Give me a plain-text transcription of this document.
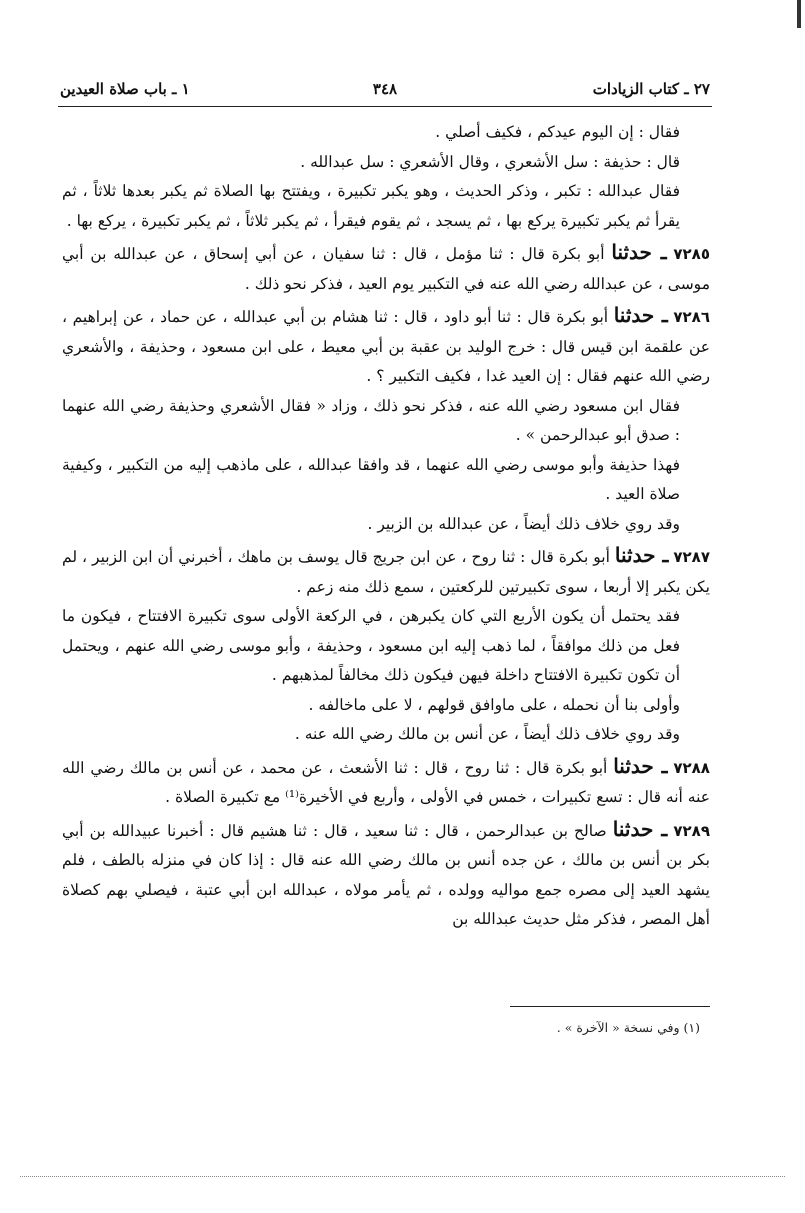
٢٧ ـ كتاب الزيادات
٣٤٨
١ ـ باب صلاة العيدين

فقال : إن اليوم عيدكم ، فكيف أصلي .

قال : حذيفة : سل الأشعري ، وقال الأشعري : سل عبدالله .

فقال عبدالله : تكبر ، وذكر الحديث ، وهو يكبر تكبيرة ، ويفتتح بها الصلاة ثم يكبر بعدها ثلاثاً ، ثم يقرأ ثم يكبر تكبيرة يركع بها ، ثم يسجد ، ثم يقوم فيقرأ ، ثم يكبر ثلاثاً ، ثم يكبر تكبيرة ، يركع بها .

٧٢٨٥ ـ حدثنا أبو بكرة قال : ثنا مؤمل ، قال : ثنا سفيان ، عن أبي إسحاق ، عن عبدالله بن أبي موسى ، عن عبدالله رضي الله عنه في التكبير يوم العيد ، فذكر نحو ذلك .

٧٢٨٦ ـ حدثنا أبو بكرة قال : ثنا أبو داود ، قال : ثنا هشام بن أبي عبدالله ، عن حماد ، عن إبراهيم ، عن علقمة ابن قيس قال : خرج الوليد بن عقبة بن أبي معيط ، على ابن مسعود ، وحذيفة ، والأشعري رضي الله عنهم فقال : إن العيد غدا ، فكيف التكبير ؟ .

فقال ابن مسعود رضي الله عنه ، فذكر نحو ذلك ، وزاد « فقال الأشعري وحذيفة رضي الله عنهما : صدق أبو عبدالرحمن » .

فهذا حذيفة وأبو موسى رضي الله عنهما ، قد وافقا عبدالله ، على ماذهب إليه من التكبير ، وكيفية صلاة العيد .

وقد روي خلاف ذلك أيضاً ، عن عبدالله بن الزبير .

٧٢٨٧ ـ حدثنا أبو بكرة قال : ثنا روح ، عن ابن جريج قال يوسف بن ماهك ، أخبرني أن ابن الزبير ، لم يكن يكبر إلا أربعا ، سوى تكبيرتين للركعتين ، سمع ذلك منه زعم .

فقد يحتمل أن يكون الأربع التي كان يكبرهن ، في الركعة الأولى سوى تكبيرة الافتتاح ، فيكون ما فعل من ذلك موافقاً ، لما ذهب إليه ابن مسعود ، وحذيفة ، وأبو موسى رضي الله عنهم ، ويحتمل أن تكون تكبيرة الافتتاح داخلة فيهن فيكون ذلك مخالفاً لمذهبهم .

وأولى بنا أن نحمله ، على ماوافق قولهم ، لا على ماخالفه .

وقد روي خلاف ذلك أيضاً ، عن أنس بن مالك رضي الله عنه .

٧٢٨٨ ـ حدثنا أبو بكرة قال : ثنا روح ، قال : ثنا الأشعث ، عن محمد ، عن أنس بن مالك رضي الله عنه أنه قال : تسع تكبيرات ، خمس في الأولى ، وأربع في الأخيرة⁽¹⁾ مع تكبيرة الصلاة .

٧٢٨٩ ـ حدثنا صالح بن عبدالرحمن ، قال : ثنا سعيد ، قال : ثنا هشيم قال : أخبرنا عبيدالله بن أبي بكر بن أنس بن مالك ، عن جده أنس بن مالك رضي الله عنه قال : إذا كان في منزله بالطف ، فلم يشهد العيد إلى مصره جمع مواليه وولده ، ثم يأمر مولاه ، عبدالله ابن أبي عتبة ، فيصلي بهم كصلاة أهل المصر ، فذكر مثل حديث عبدالله بن

(١) وفي نسخة « الآخرة » .
